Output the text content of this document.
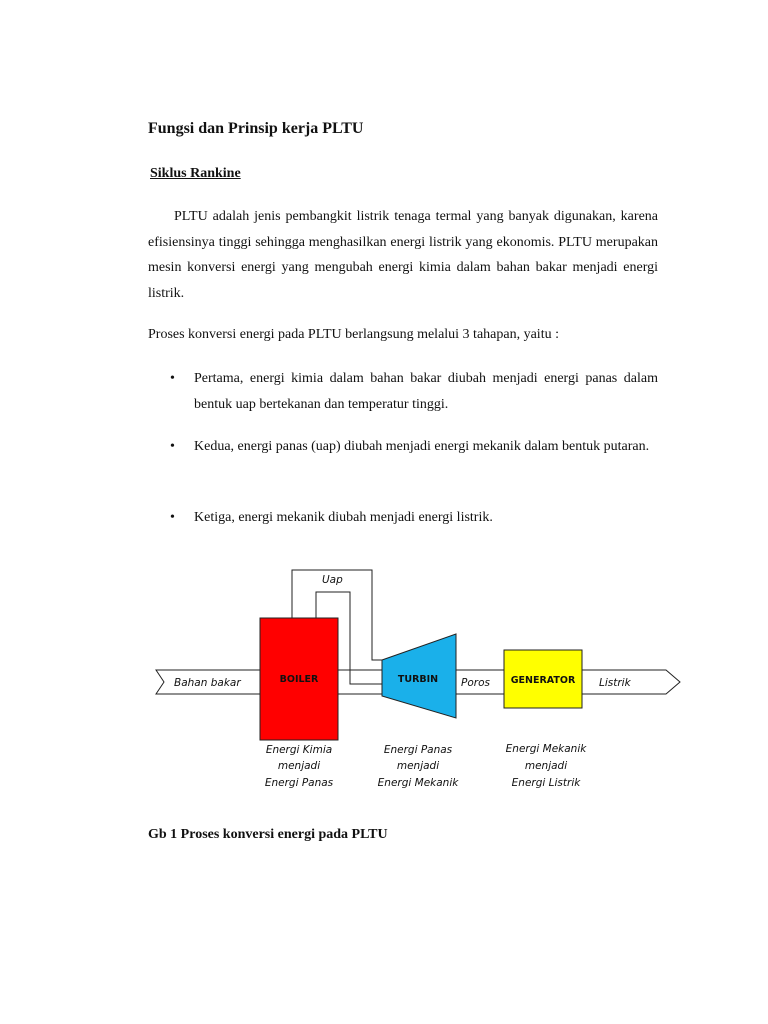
Fungsi dan Prinsip kerja PLTU
Siklus Rankine
PLTU adalah jenis pembangkit listrik tenaga termal yang banyak digunakan, karena efisiensinya tinggi sehingga menghasilkan energi listrik yang ekonomis. PLTU merupakan mesin konversi energi yang mengubah energi kimia dalam bahan bakar menjadi energi listrik.
Proses konversi energi pada PLTU berlangsung melalui 3 tahapan, yaitu :
• Pertama, energi kimia dalam bahan bakar diubah menjadi energi panas dalam bentuk uap bertekanan dan temperatur tinggi.
• Kedua, energi panas (uap) diubah menjadi energi mekanik dalam bentuk putaran.
• Ketiga, energi mekanik diubah menjadi energi listrik.
Uap
Bahan bakar	Poros	Listrik
BOILER	TURBIN	GENERATOR
Energi Kimia
menjadi
Energi Panas
Energi Panas
menjadi
Energi Mekanik
Energi Mekanik
menjadi
Energi Listrik
Gb 1 Proses konversi energi pada PLTU
